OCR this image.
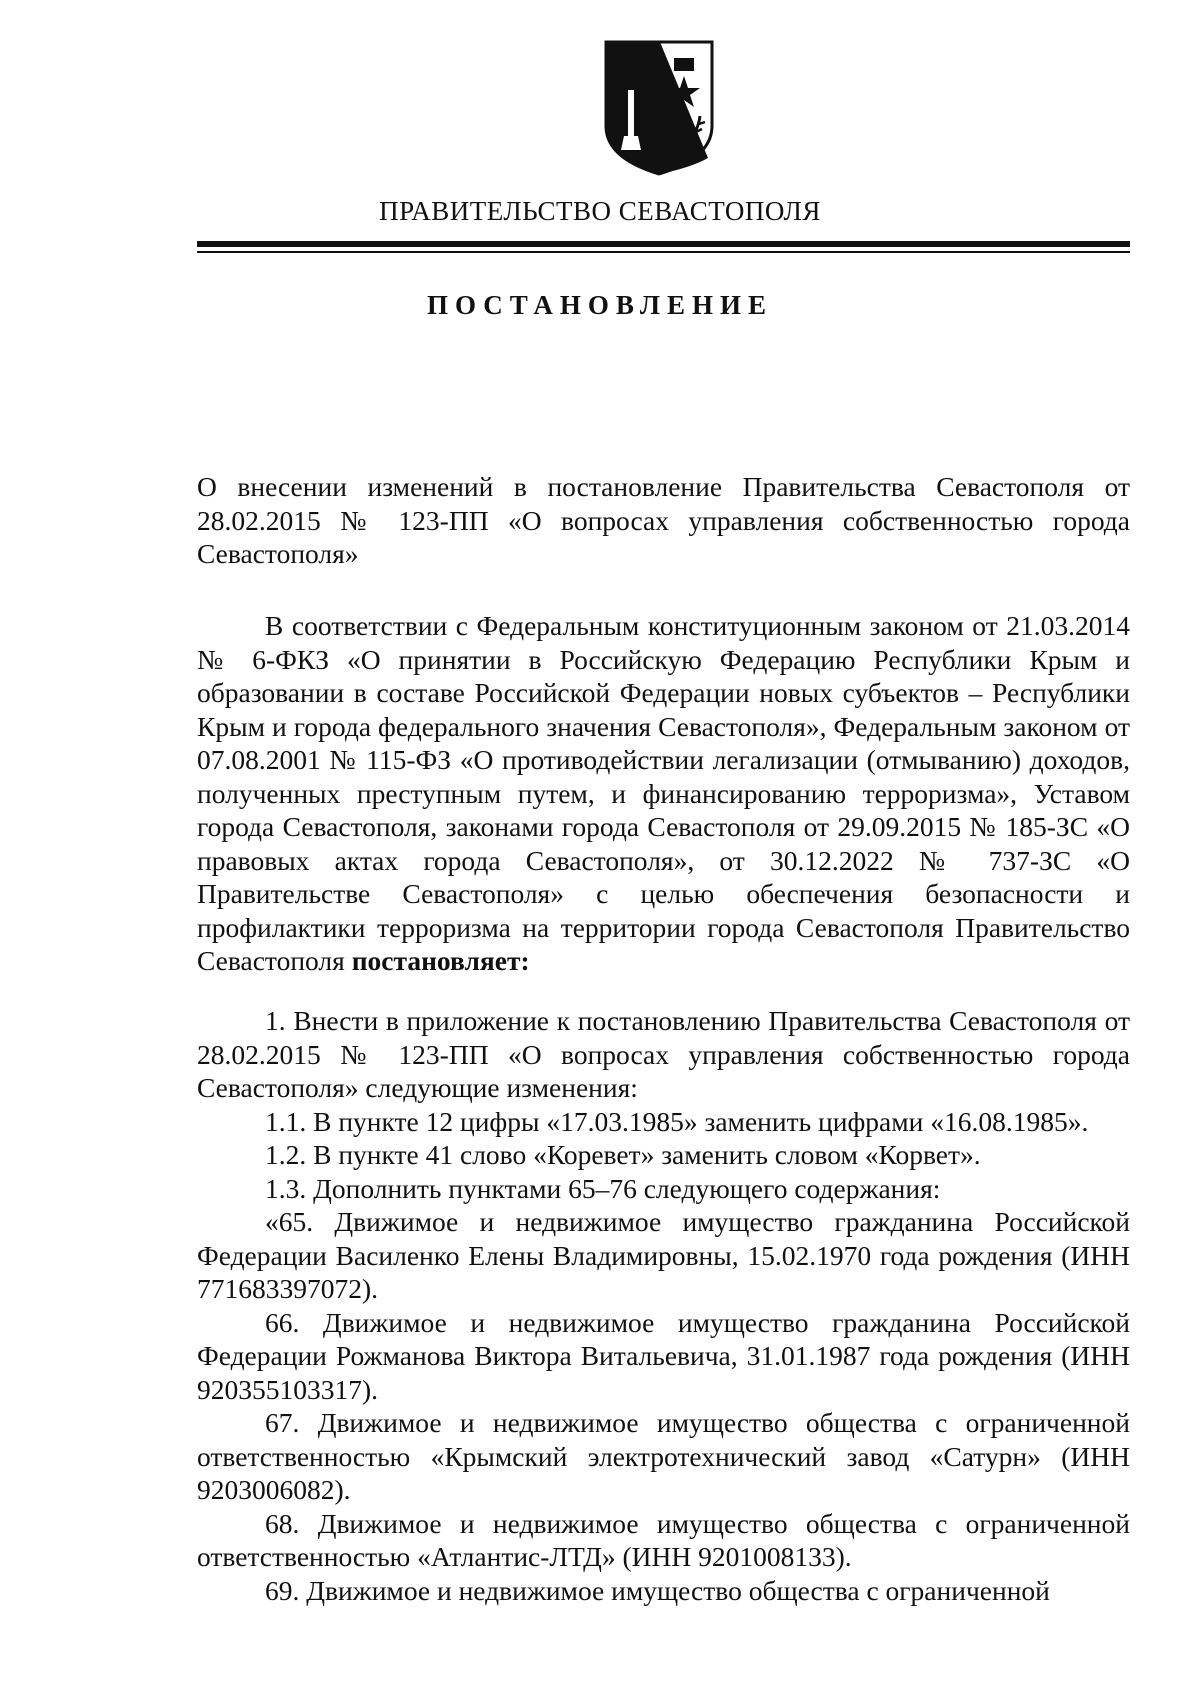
ПРАВИТЕЛЬСТВО СЕВАСТОПОЛЯ
ПОСТАНОВЛЕНИЕ

О внесении изменений в постановление Правительства Севастополя от 28.02.2015 № 123-ПП «О вопросах управления собственностью города Севастополя»

В соответствии с Федеральным конституционным законом от 21.03.2014 № 6-ФКЗ «О принятии в Российскую Федерацию Республики Крым и образовании в составе Российской Федерации новых субъектов – Республики Крым и города федерального значения Севастополя», Федеральным законом от 07.08.2001 № 115-ФЗ «О противодействии легализации (отмыванию) доходов, полученных преступным путем, и финансированию терроризма», Уставом города Севастополя, законами города Севастополя от 29.09.2015 № 185-ЗС «О правовых актах города Севастополя», от 30.12.2022 № 737-ЗС «О Правительстве Севастополя» с целью обеспечения безопасности и профилактики терроризма на территории города Севастополя Правительство Севастополя постановляет:

1. Внести в приложение к постановлению Правительства Севастополя от 28.02.2015 № 123-ПП «О вопросах управления собственностью города Севастополя» следующие изменения:

1.1. В пункте 12 цифры «17.03.1985» заменить цифрами «16.08.1985».

1.2. В пункте 41 слово «Коревет» заменить словом «Корвет».

1.3. Дополнить пунктами 65–76 следующего содержания:

«65. Движимое и недвижимое имущество гражданина Российской Федерации Василенко Елены Владимировны, 15.02.1970 года рождения (ИНН 771683397072).

66. Движимое и недвижимое имущество гражданина Российской Федерации Рожманова Виктора Витальевича, 31.01.1987 года рождения (ИНН 920355103317).

67. Движимое и недвижимое имущество общества с ограниченной ответственностью «Крымский электротехнический завод «Сатурн» (ИНН 9203006082).

68. Движимое и недвижимое имущество общества с ограниченной ответственностью «Атлантис-ЛТД» (ИНН 9201008133).

69. Движимое и недвижимое имущество общества с ограниченной
